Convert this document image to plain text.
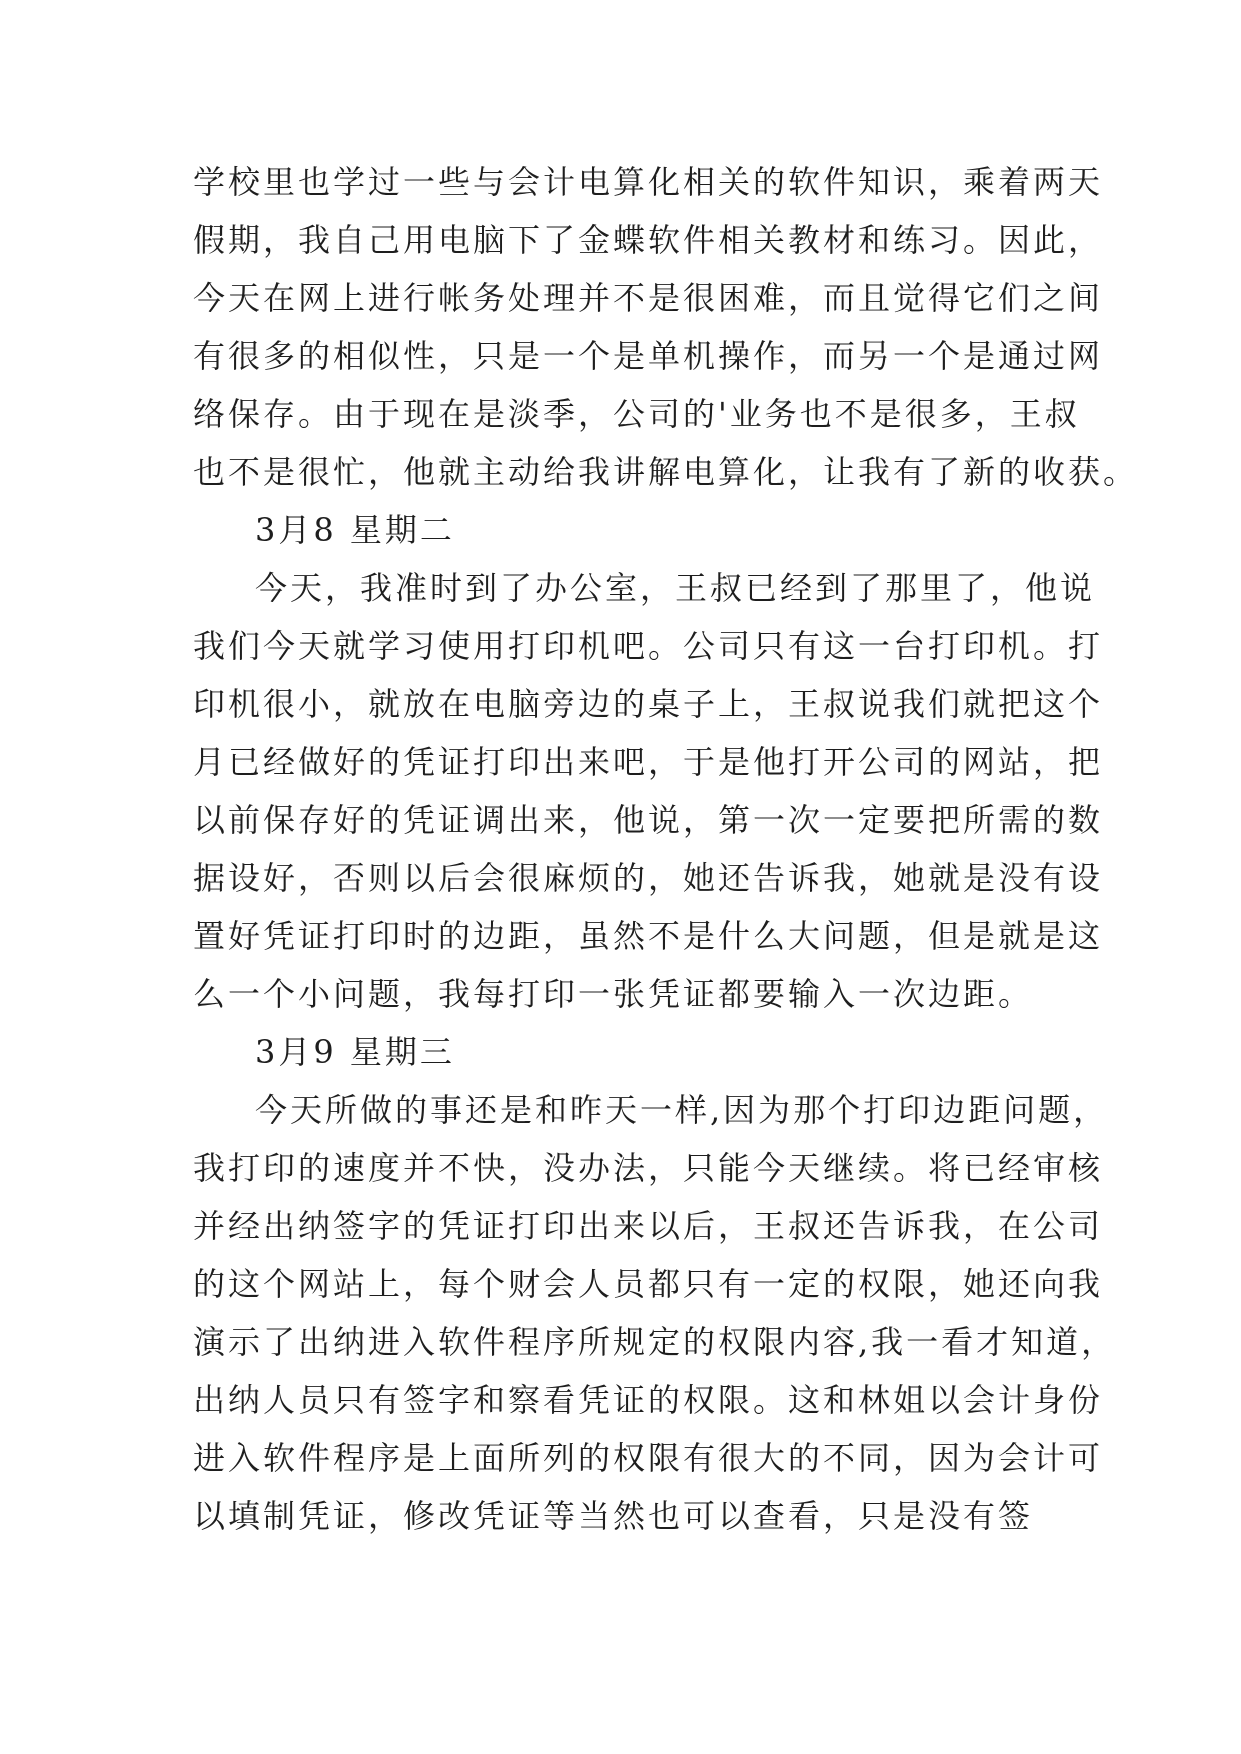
学校里也学过一些与会计电算化相关的软件知识，乘着两天
假期，我自己用电脑下了金蝶软件相关教材和练习。因此，
今天在网上进行帐务处理并不是很困难，而且觉得它们之间
有很多的相似性，只是一个是单机操作，而另一个是通过网
络保存。由于现在是淡季，公司的'业务也不是很多，王叔
也不是很忙，他就主动给我讲解电算化，让我有了新的收获。
3月8 星期二
今天，我准时到了办公室，王叔已经到了那里了，他说
我们今天就学习使用打印机吧。公司只有这一台打印机。打
印机很小，就放在电脑旁边的桌子上，王叔说我们就把这个
月已经做好的凭证打印出来吧，于是他打开公司的网站，把
以前保存好的凭证调出来，他说，第一次一定要把所需的数
据设好，否则以后会很麻烦的，她还告诉我，她就是没有设
置好凭证打印时的边距，虽然不是什么大问题，但是就是这
么一个小问题，我每打印一张凭证都要输入一次边距。
3月9 星期三
今天所做的事还是和昨天一样,因为那个打印边距问题，
我打印的速度并不快，没办法，只能今天继续。将已经审核
并经出纳签字的凭证打印出来以后，王叔还告诉我，在公司
的这个网站上，每个财会人员都只有一定的权限，她还向我
演示了出纳进入软件程序所规定的权限内容,我一看才知道，
出纳人员只有签字和察看凭证的权限。这和林姐以会计身份
进入软件程序是上面所列的权限有很大的不同，因为会计可
以填制凭证，修改凭证等当然也可以查看，只是没有签
